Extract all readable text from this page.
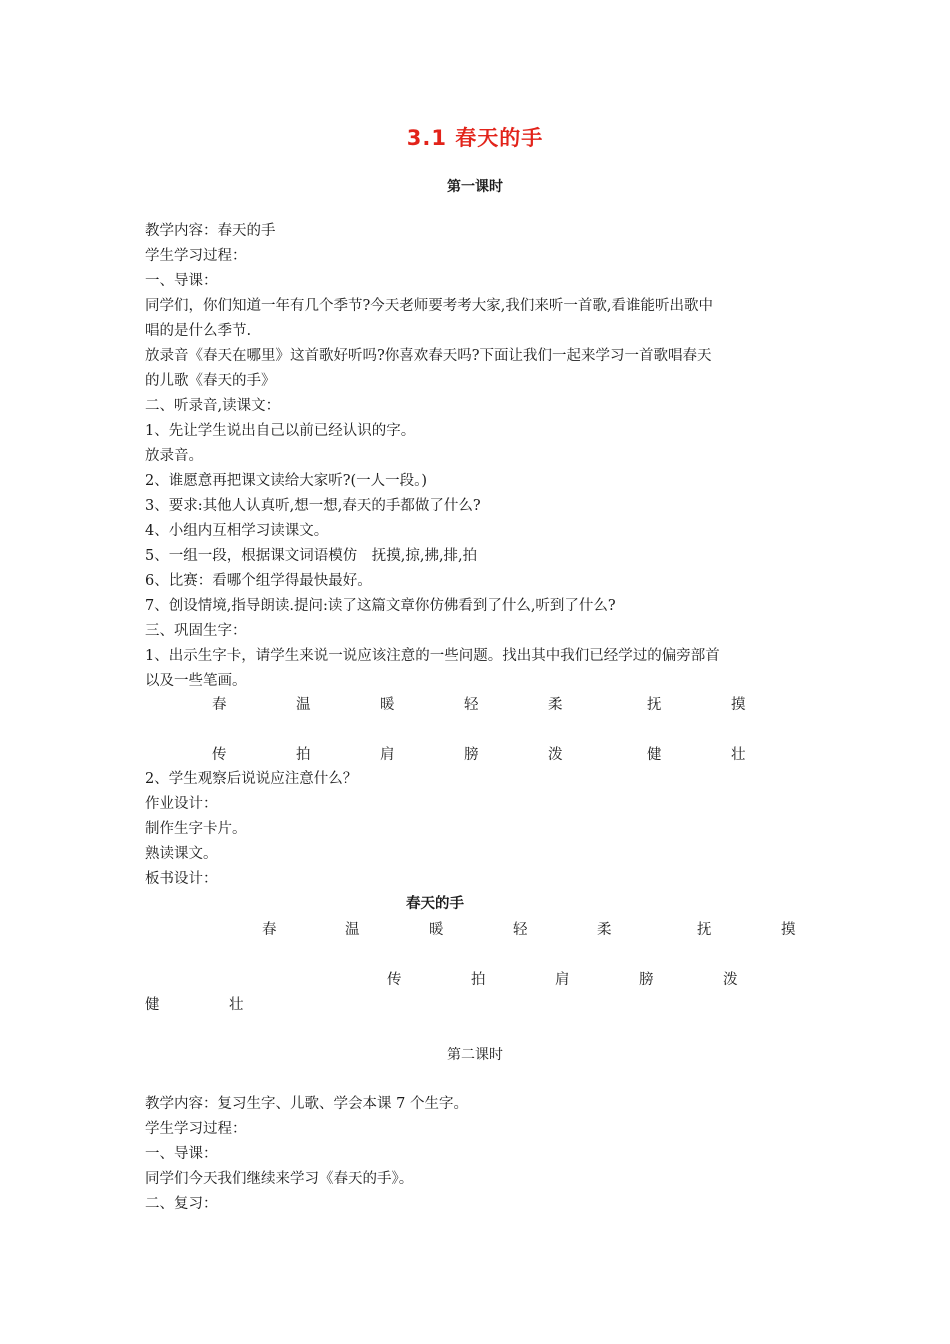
3.1 春天的手
第一课时

教学内容：春天的手

学生学习过程：

一、导课：

同学们，你们知道一年有几个季节?今天老师要考考大家,我们来听一首歌,看谁能听出歌中

唱的是什么季节.

放录音《春天在哪里》这首歌好听吗?你喜欢春天吗?下面让我们一起来学习一首歌唱春天

的儿歌《春天的手》

二、听录音,读课文：

1、先让学生说出自己以前已经认识的字。

放录音。

2、谁愿意再把课文读给大家听?(一人一段。)

3、要求:其他人认真听,想一想,春天的手都做了什么?

4、小组内互相学习读课文。

5、一组一段，根据课文词语模仿　抚摸,掠,拂,排,拍

6、比赛：看哪个组学得最快最好。

7、创设情境,指导朗读.提问:读了这篇文章你仿佛看到了什么,听到了什么?

三、巩固生字：

1、出示生字卡，请学生来说一说应该注意的一些问题。找出其中我们已经学过的偏旁部首

以及一些笔画。

春	温	暖	轻	柔	抚	摸
传	拍	肩	膀	泼	健	壮

2、学生观察后说说应注意什么？

作业设计：

制作生字卡片。

熟读课文。

板书设计：

春天的手
春	温	暖	轻	柔	抚	摸
传	拍	肩	膀	泼
健	壮
第二课时

教学内容：复习生字、儿歌、学会本课 7 个生字。

学生学习过程：

一、导课：

同学们今天我们继续来学习《春天的手》。

二、复习：
